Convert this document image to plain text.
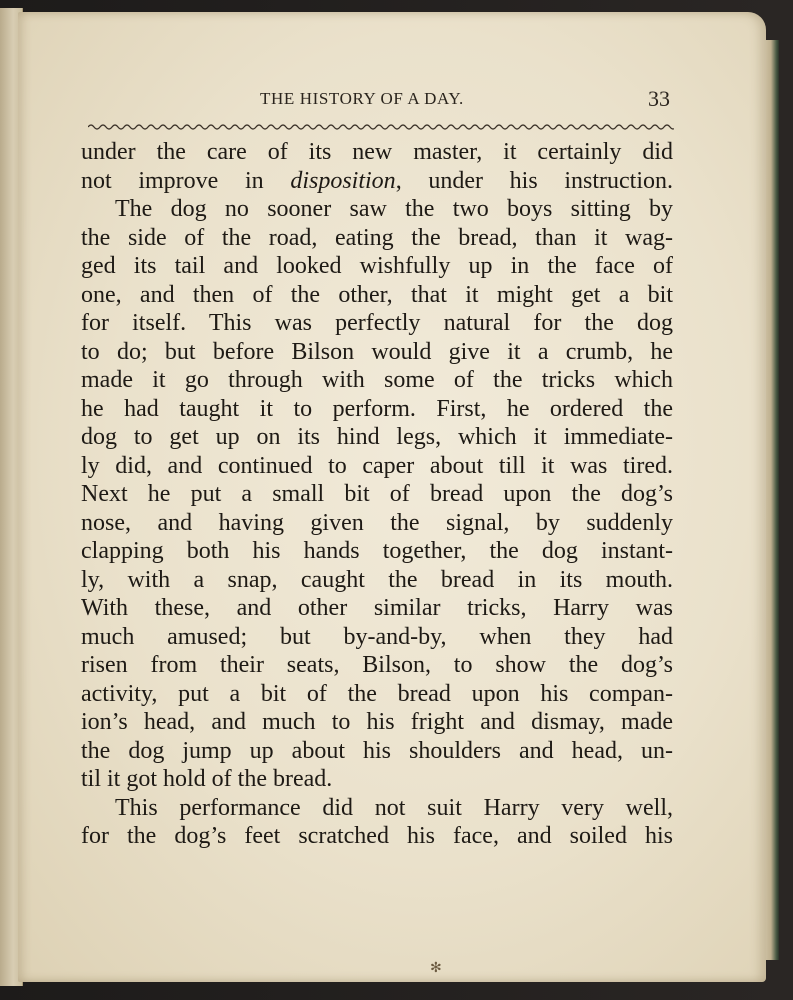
THE HISTORY OF A DAY.	33
under the care of its new master, it certainly did
not improve in disposition, under his instruction.
The dog no sooner saw the two boys sitting by
the side of the road, eating the bread, than it wag-
ged its tail and looked wishfully up in the face of
one, and then of the other, that it might get a bit
for itself. This was perfectly natural for the dog
to do; but before Bilson would give it a crumb, he
made it go through with some of the tricks which
he had taught it to perform. First, he ordered the
dog to get up on its hind legs, which it immediate-
ly did, and continued to caper about till it was tired.
Next he put a small bit of bread upon the dog’s
nose, and having given the signal, by suddenly
clapping both his hands together, the dog instant-
ly, with a snap, caught the bread in its mouth.
With these, and other similar tricks, Harry was
much amused; but by-and-by, when they had
risen from their seats, Bilson, to show the dog’s
activity, put a bit of the bread upon his compan-
ion’s head, and much to his fright and dismay, made
the dog jump up about his shoulders and head, un-
til it got hold of the bread.
This performance did not suit Harry very well,
for the dog’s feet scratched his face, and soiled his
✻
